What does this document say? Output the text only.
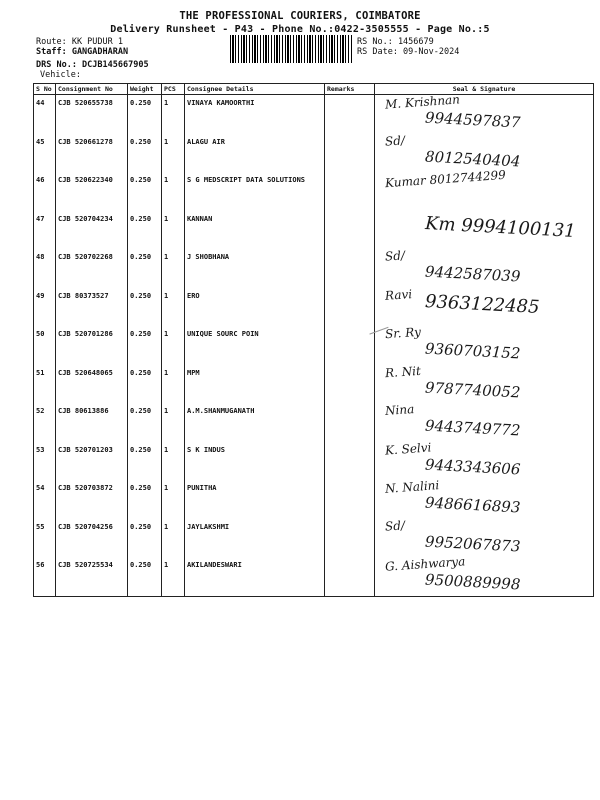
THE PROFESSIONAL COURIERS, COIMBATORE
Delivery Runsheet - P43 - Phone No.:0422-3505555 - Page No.:5
Route: KK PUDUR 1
Staff: GANGADHARAN
DRS No.: DCJB145667905
Vehicle:
RS No.: 1456679
RS Date: 09-Nov-2024
S No	Consignment No	Weight	PCS	Consignee Details	Remarks	Seal & Signature
44	CJB 520655738	0.250	1	VINAYA KAMOORTHI		M. Krishnan
9944597837

45	CJB 520661278	0.250	1	ALAGU AIR		Sd/
8012540404

46	CJB 520622340	0.250	1	S G MEDSCRIPT DATA SOLUTIONS		Kumar 8012744299

47	CJB 520704234	0.250	1	KANNAN		Km 9994100131

48	CJB 520702268	0.250	1	J SHOBHANA		Sd/
9442587039

49	CJB 80373527	0.250	1	ERO		Ravi 9363122485

50	CJB 520701286	0.250	1	UNIQUE SOURC POIN		Sr. Ry
9360703152

51	CJB 520648065	0.250	1	MPM		R. Nit
9787740052

52	CJB 80613886	0.250	1	A.M.SHANMUGANATH		Nina
9443749772

53	CJB 520701203	0.250	1	S K INDUS		K. Selvi
9443343606

54	CJB 520703872	0.250	1	PUNITHA		N. Nalini
9486616893

55	CJB 520704256	0.250	1	JAYLAKSHMI		Sd/
9952067873

56	CJB 520725534	0.250	1	AKILANDESWARI		G. Aishwarya
9500889998
